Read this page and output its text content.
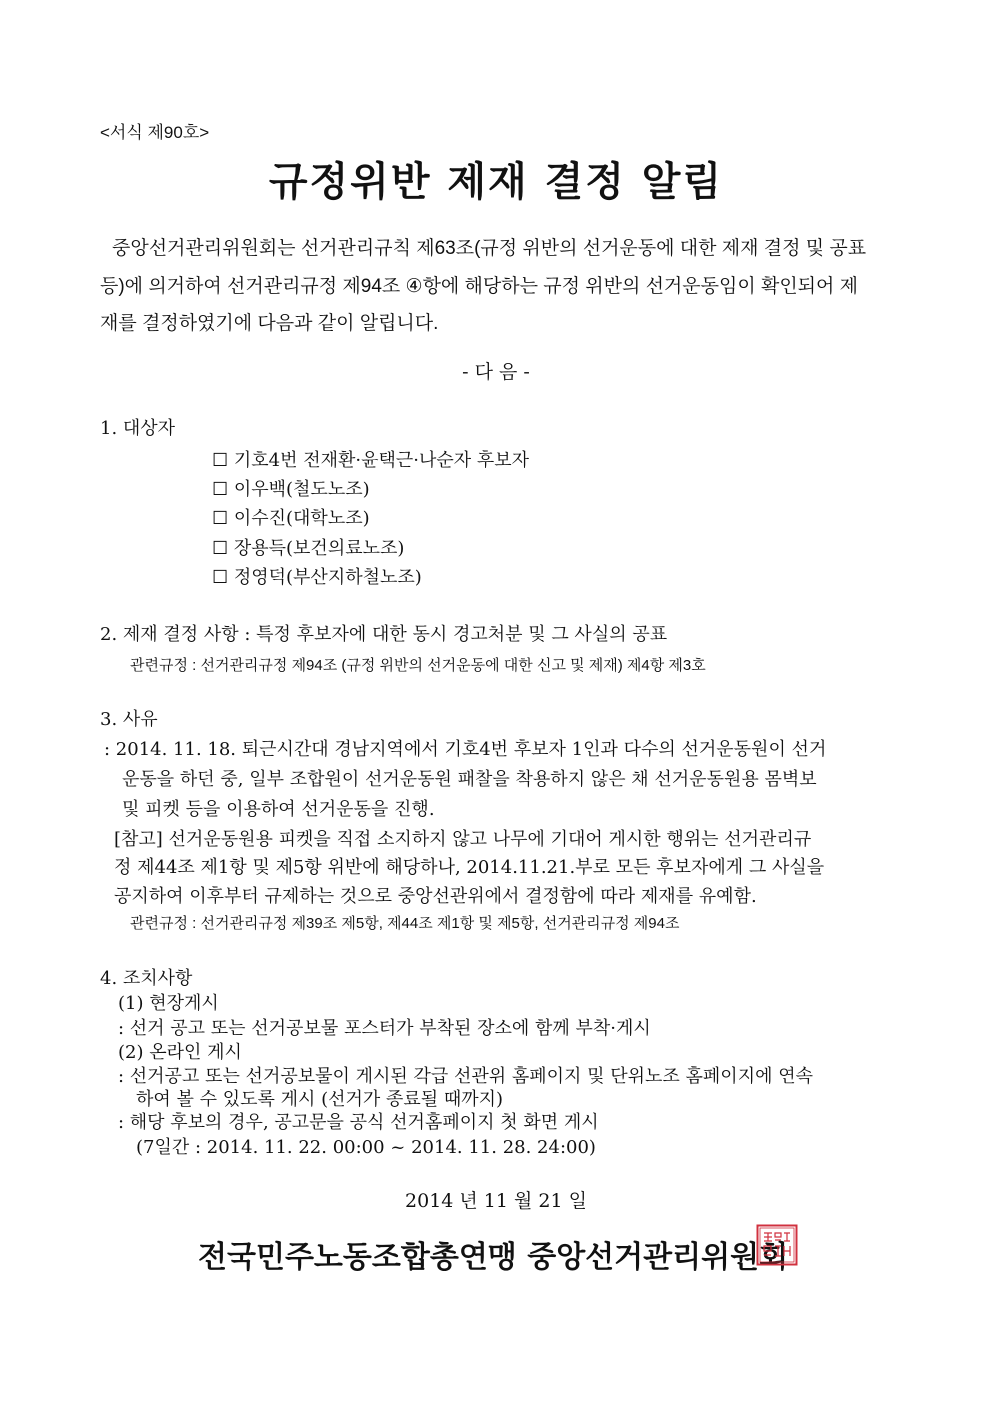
<서식 제90호>
규정위반 제재 결정 알림
중앙선거관리위원회는 선거관리규칙 제63조(규정 위반의 선거운동에 대한 제재 결정 및 공표
등)에 의거하여 선거관리규정 제94조 ④항에 해당하는 규정 위반의 선거운동임이 확인되어 제
재를 결정하였기에 다음과 같이 알립니다.
- 다 음 -
1. 대상자
☐ 기호4번 전재환·윤택근·나순자 후보자
☐ 이우백(철도노조)
☐ 이수진(대학노조)
☐ 장용득(보건의료노조)
☐ 정영덕(부산지하철노조)
2. 제재 결정 사항 : 특정 후보자에 대한 동시 경고처분 및 그 사실의 공표
관련규정 : 선거관리규정 제94조 (규정 위반의 선거운동에 대한 신고 및 제재) 제4항 제3호
3. 사유
: 2014. 11. 18. 퇴근시간대 경남지역에서 기호4번 후보자 1인과 다수의 선거운동원이 선거
운동을 하던 중, 일부 조합원이 선거운동원 패찰을 착용하지 않은 채 선거운동원용 몸벽보
및 피켓 등을 이용하여 선거운동을 진행.
[참고] 선거운동원용 피켓을 직접 소지하지 않고 나무에 기대어 게시한 행위는 선거관리규
정 제44조 제1항 및 제5항 위반에 해당하나, 2014.11.21.부로 모든 후보자에게 그 사실을
공지하여 이후부터 규제하는 것으로 중앙선관위에서 결정함에 따라 제재를 유예함.
관련규정 : 선거관리규정 제39조 제5항, 제44조 제1항 및 제5항, 선거관리규정 제94조
4. 조치사항
(1) 현장게시
: 선거 공고 또는 선거공보물 포스터가 부착된 장소에 함께 부착·게시
(2) 온라인 게시
: 선거공고 또는 선거공보물이 게시된 각급 선관위 홈페이지 및 단위노조 홈페이지에 연속
하여 볼 수 있도록 게시 (선거가 종료될 때까지)
: 해당 후보의 경우, 공고문을 공식 선거홈페이지 첫 화면 게시
(7일간 : 2014. 11. 22. 00:00 ~ 2014. 11. 28. 24:00)
2014 년 11 월 21 일
전국민주노동조합총연맹 중앙선거관리위원회
